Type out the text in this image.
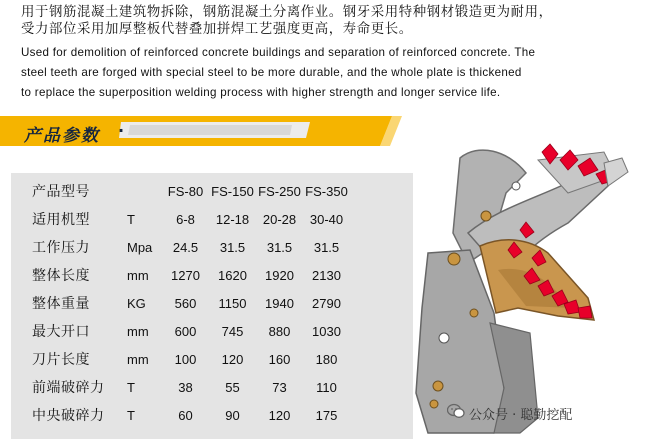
用于钢筋混凝土建筑物拆除，钢筋混凝土分离作业。钢牙采用特种钢材锻造更为耐用，
受力部位采用加厚整板代替叠加拼焊工艺强度更高，寿命更长。
Used for demolition of reinforced concrete buildings and separation of reinforced concrete. The
steel teeth are forged with special steel to be more durable, and the whole plate is thickened
to replace the superposition welding process with higher strength and longer service life.
产品参数 ·
产品型号		FS-80	FS-150	FS-250	FS-350
适用机型	T	6-8	12-18	20-28	30-40
工作压力	Mpa	24.5	31.5	31.5	31.5
整体长度	mm	1270	1620	1920	2130
整体重量	KG	560	1150	1940	2790
最大开口	mm	600	745	880	1030
刀片长度	mm	100	120	160	180
前端破碎力	T	38	55	73	110
中央破碎力	T	60	90	120	175	公众号 · 聪勤挖配
